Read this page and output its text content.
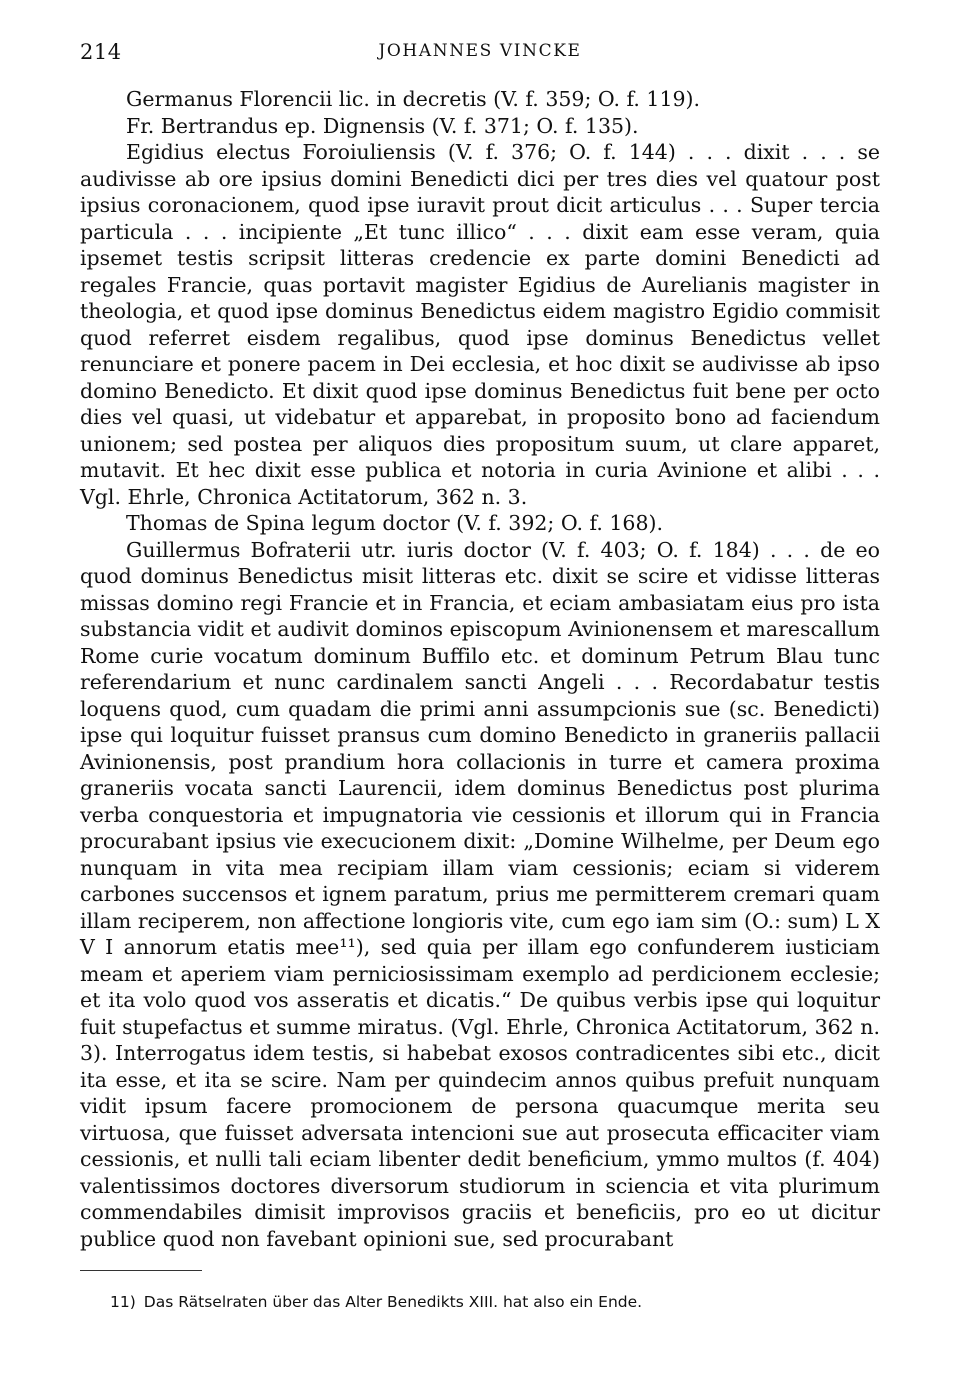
214	JOHANNES VINCKE

Germanus Florencii lic. in decretis (V. f. 359; O. f. 119).

Fr. Bertrandus ep. Dignensis (V. f. 371; O. f. 135).

Egidius electus Foroiuliensis (V. f. 376; O. f. 144) . . . dixit . . . se audivisse ab ore ipsius domini Benedicti dici per tres dies vel quatour post ipsius coronacionem, quod ipse iuravit prout dicit articulus . . . Super tercia particula . . . incipiente „Et tunc illico“ . . . dixit eam esse veram, quia ipsemet testis scripsit litteras credencie ex parte domini Benedicti ad regales Francie, quas portavit magister Egidius de Aurelianis magister in theologia, et quod ipse dominus Benedictus eidem magistro Egidio commisit quod referret eisdem regalibus, quod ipse dominus Benedictus vellet renunciare et ponere pacem in Dei ecclesia, et hoc dixit se audivisse ab ipso domino Benedicto. Et dixit quod ipse dominus Benedictus fuit bene per octo dies vel quasi, ut videbatur et apparebat, in proposito bono ad faciendum unionem; sed postea per aliquos dies propositum suum, ut clare apparet, mutavit. Et hec dixit esse publica et notoria in curia Avinione et alibi . . . Vgl. Ehrle, Chronica Actitatorum, 362 n. 3.

Thomas de Spina legum doctor (V. f. 392; O. f. 168).

Guillermus Bofraterii utr. iuris doctor (V. f. 403; O. f. 184) . . . de eo quod dominus Benedictus misit litteras etc. dixit se scire et vidisse litteras missas domino regi Francie et in Francia, et eciam ambasiatam eius pro ista substancia vidit et audivit dominos episcopum Avinionensem et marescallum Rome curie vocatum dominum Buffilo etc. et dominum Petrum Blau tunc referendarium et nunc cardinalem sancti Angeli . . . Recordabatur testis loquens quod, cum quadam die primi anni assumpcionis sue (sc. Benedicti) ipse qui loquitur fuisset pransus cum domino Benedicto in graneriis pallacii Avinionensis, post prandium hora collacionis in turre et camera proxima graneriis vocata sancti Laurencii, idem dominus Benedictus post plurima verba conquestoria et impugnatoria vie cessionis et illorum qui in Francia procurabant ipsius vie execucionem dixit: „Domine Wilhelme, per Deum ego nunquam in vita mea recipiam illam viam cessionis; eciam si viderem carbones succensos et ignem paratum, prius me permitterem cremari quam illam reciperem, non affectione longioris vite, cum ego iam sim (O.: sum) L X V I annorum etatis mee¹¹), sed quia per illam ego confunderem iusticiam meam et aperiem viam perniciosissimam exemplo ad perdicionem ecclesie; et ita volo quod vos asseratis et dicatis.“ De quibus verbis ipse qui loquitur fuit stupefactus et summe miratus. (Vgl. Ehrle, Chronica Actitatorum, 362 n. 3). Interrogatus idem testis, si habebat exosos contradicentes sibi etc., dicit ita esse, et ita se scire. Nam per quindecim annos quibus prefuit nunquam vidit ipsum facere promocionem de persona quacumque merita seu virtuosa, que fuisset adversata intencioni sue aut prosecuta efficaciter viam cessionis, et nulli tali eciam libenter dedit beneficium, ymmo multos (f. 404) valentissimos doctores diversorum studiorum in sciencia et vita plurimum commendabiles dimisit improvisos graciis et beneficiis, pro eo ut dicitur publice quod non favebant opinioni sue, sed procurabant

11) Das Rätselraten über das Alter Benedikts XIII. hat also ein Ende.
